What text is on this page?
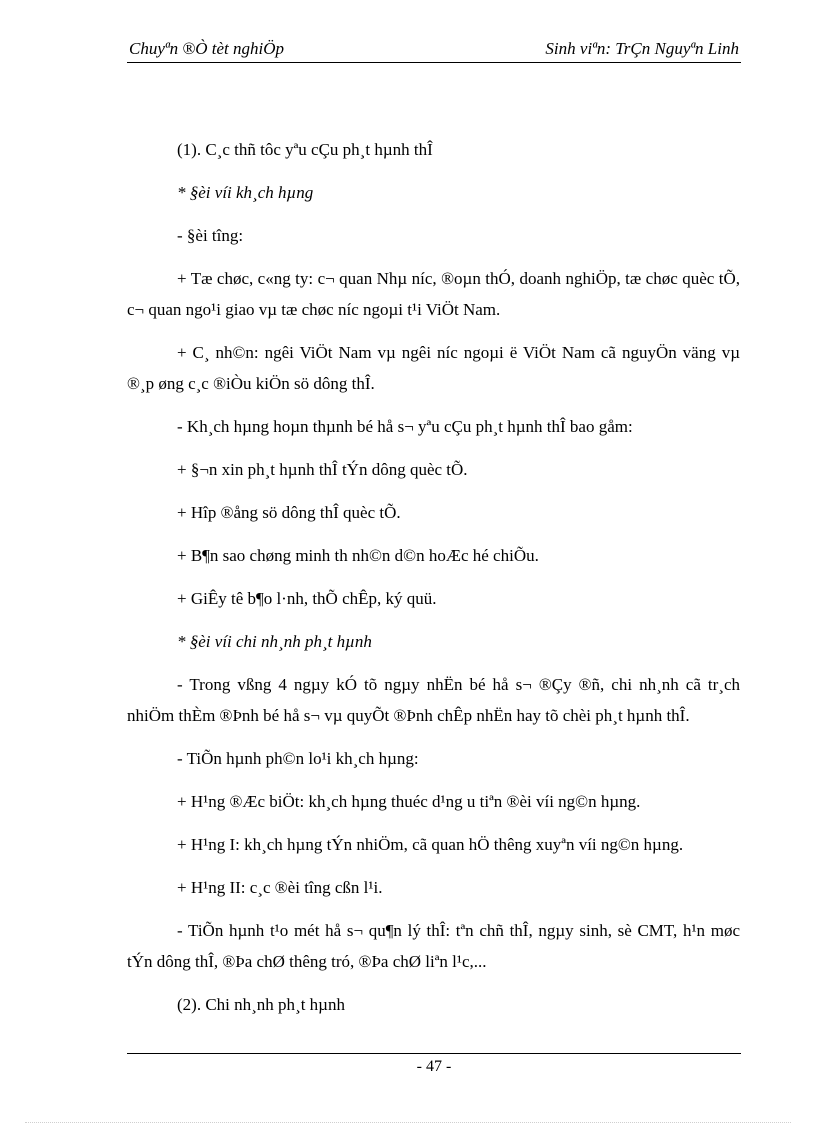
Chuyªn ®Ò tèt nghiÖp	Sinh viªn: TrÇn Nguyªn Linh

(1). C¸c thñ tôc yªu cÇu ph¸t hµnh thÎ

* §èi víi kh¸ch hµng

- §èi tîng:

+ Tæ chøc, c«ng ty: c¬ quan Nhµ níc, ®oµn thÓ, doanh nghiÖp, tæ chøc quèc tÕ, c¬ quan ngo¹i giao vµ tæ chøc níc ngoµi t¹i ViÖt Nam.

+ C¸ nh©n: ngêi ViÖt Nam vµ ngêi níc ngoµi ë ViÖt Nam cã nguyÖn väng vµ ®¸p øng c¸c ®iÒu kiÖn sö dông thÎ.

- Kh¸ch hµng hoµn thµnh bé hå s¬ yªu cÇu ph¸t hµnh thÎ bao gåm:

+ §¬n xin ph¸t hµnh thÎ tÝn dông quèc tÕ.

+ Hîp ®ång sö dông thÎ quèc tÕ.

+ B¶n sao chøng minh th nh©n d©n hoÆc hé chiÕu.

+ GiÊy tê b¶o l·nh, thÕ chÊp, ký quü.

* §èi víi chi nh¸nh ph¸t hµnh

- Trong vßng 4 ngµy kÓ tõ ngµy nhËn bé hå s¬ ®Çy ®ñ, chi nh¸nh cã tr¸ch nhiÖm thÈm ®Þnh bé hå s¬ vµ quyÕt ®Þnh chÊp nhËn hay tõ chèi ph¸t hµnh thÎ.

- TiÕn hµnh ph©n lo¹i kh¸ch hµng:

+ H¹ng ®Æc biÖt: kh¸ch hµng thuéc d¹ng u tiªn ®èi víi ng©n hµng.

+ H¹ng I: kh¸ch hµng tÝn nhiÖm, cã quan hÖ thêng xuyªn víi ng©n hµng.

+ H¹ng II: c¸c ®èi tîng cßn l¹i.

- TiÕn hµnh t¹o mét hå s¬ qu¶n lý thÎ: tªn chñ thÎ, ngµy sinh, sè CMT, h¹n møc tÝn dông thÎ, ®Þa chØ thêng tró, ®Þa chØ liªn l¹c,...

(2). Chi nh¸nh ph¸t hµnh

- 47 -
